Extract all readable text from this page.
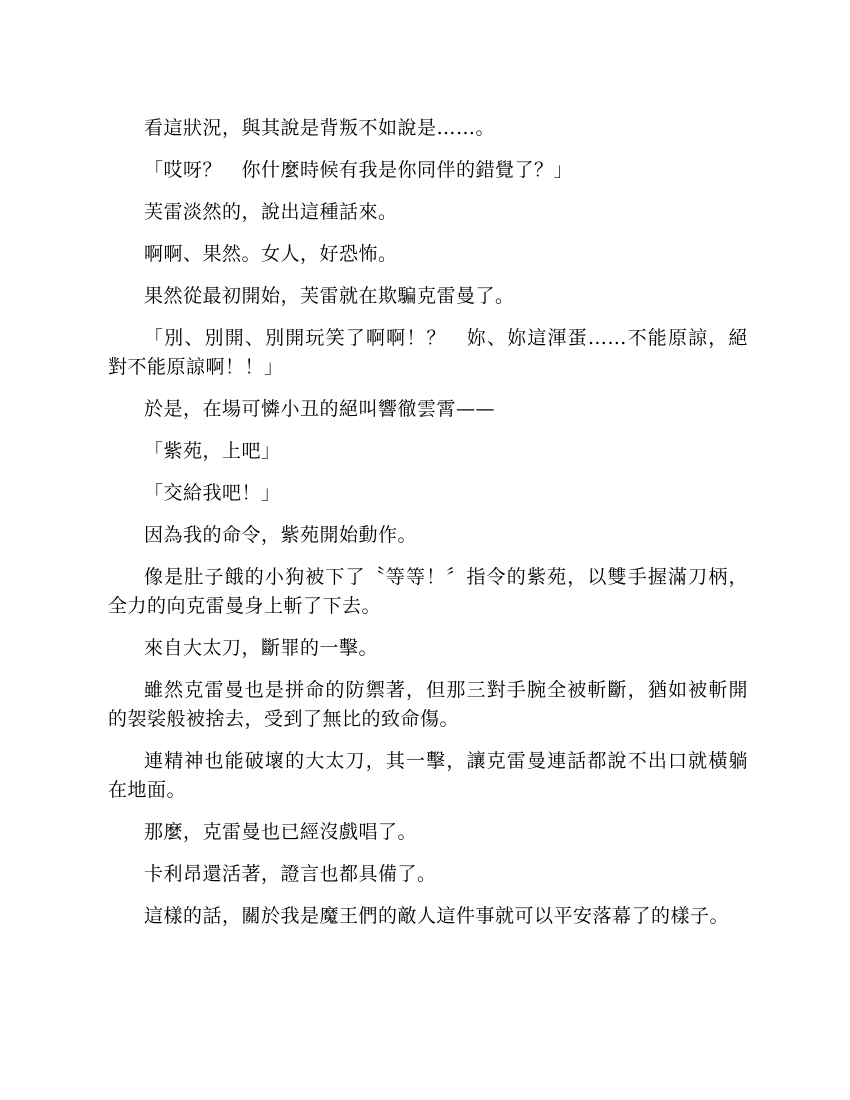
看這狀況，與其說是背叛不如說是……。

「哎呀？　你什麼時候有我是你同伴的錯覺了？」

芙雷淡然的，說出這種話來。

啊啊、果然。女人，好恐怖。

果然從最初開始，芙雷就在欺騙克雷曼了。

「別、別開、別開玩笑了啊啊！？　妳、妳這渾蛋……不能原諒，絕對不能原諒啊！！」

於是，在場可憐小丑的絕叫響徹雲霄——

「紫苑，上吧」

「交給我吧！」

因為我的命令，紫苑開始動作。

像是肚子餓的小狗被下了〝等等！〞指令的紫苑，以雙手握滿刀柄，全力的向克雷曼身上斬了下去。

來自大太刀，斷罪的一擊。

雖然克雷曼也是拼命的防禦著，但那三對手腕全被斬斷，猶如被斬開的袈裟般被捨去，受到了無比的致命傷。

連精神也能破壞的大太刀，其一擊，讓克雷曼連話都說不出口就橫躺在地面。

那麼，克雷曼也已經沒戲唱了。

卡利昂還活著，證言也都具備了。

這樣的話，關於我是魔王們的敵人這件事就可以平安落幕了的樣子。
